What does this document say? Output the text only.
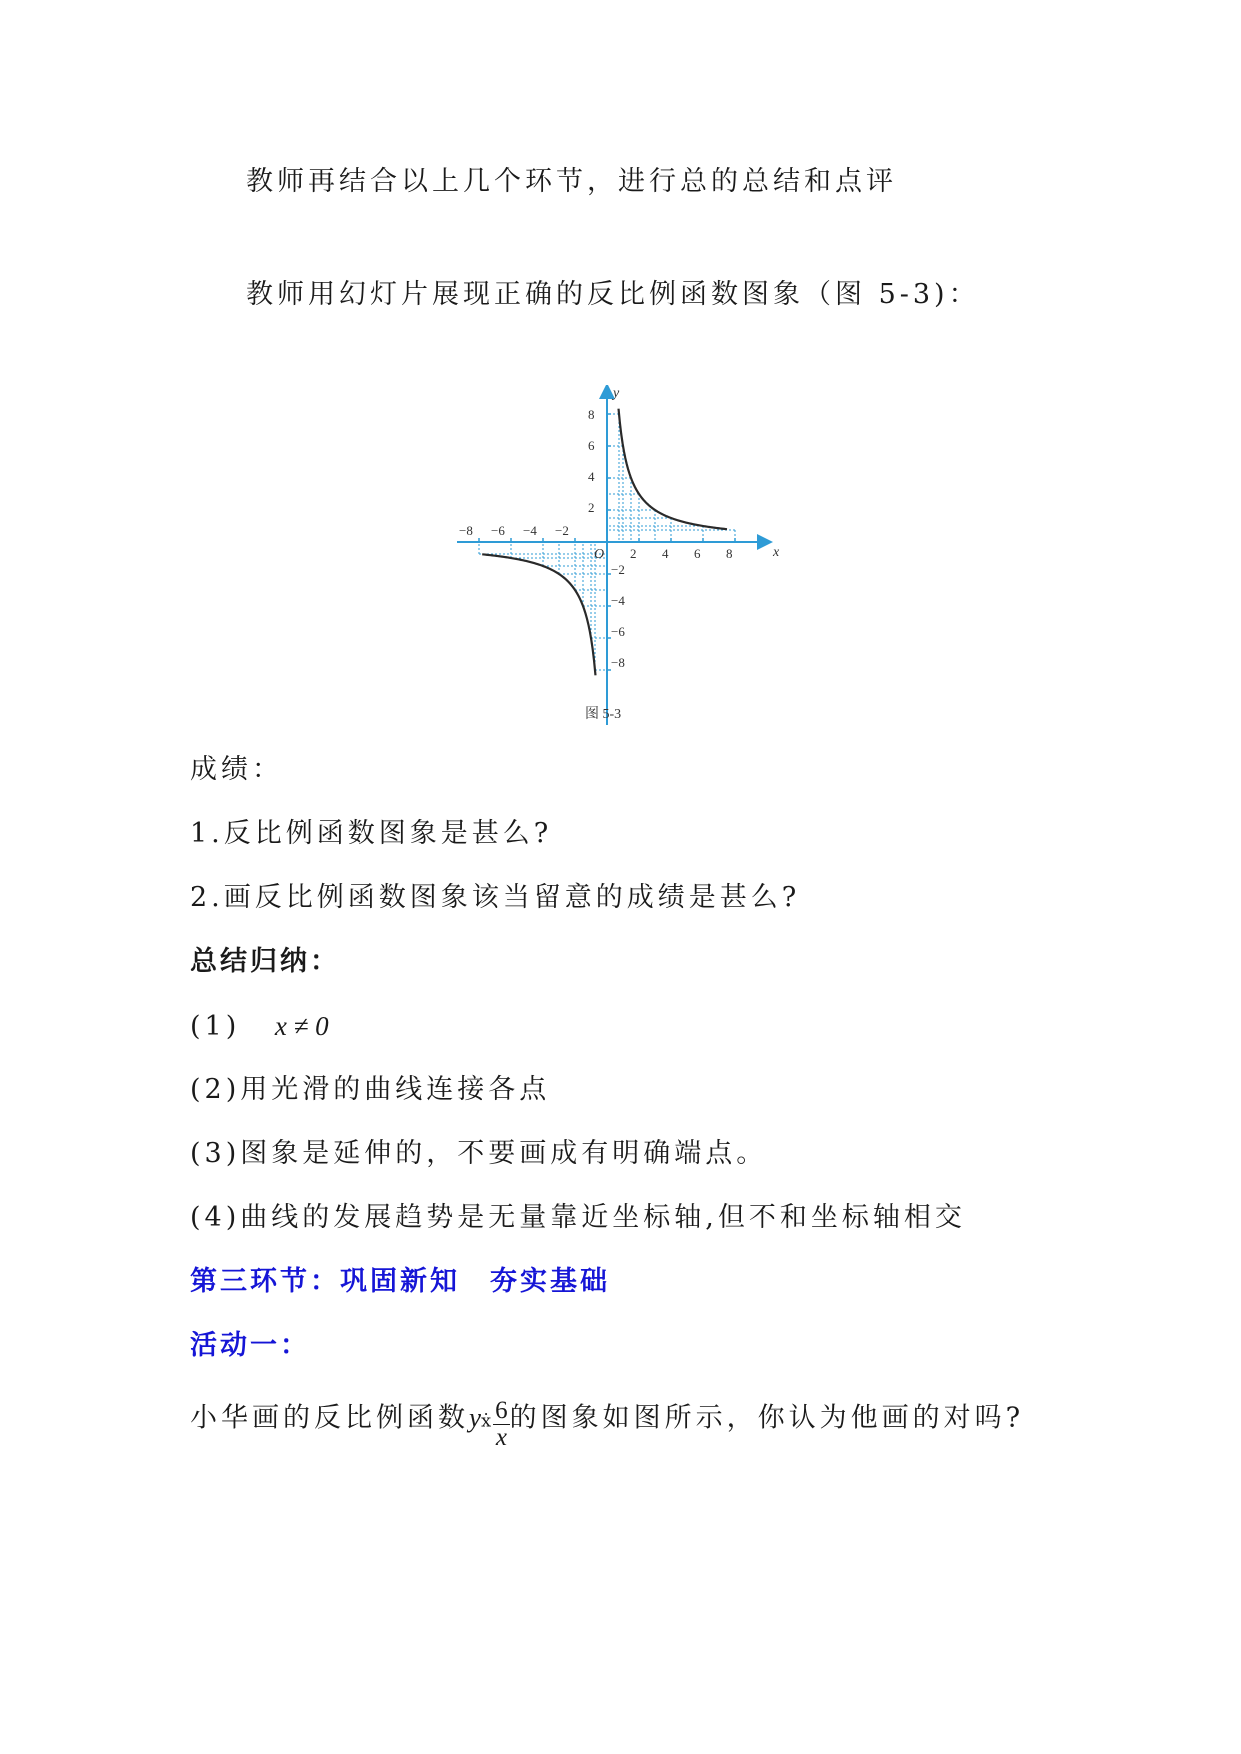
教师再结合以上几个环节，进行总的总结和点评
教师用幻灯片展现正确的反比例函数图象（图 5-3)：
y
x
O
−8 −6 −4 −2
2 4 6 8
8
6
4
2
−2
−4
−6
−8
图 5-3
成绩：
1.反比例函数图象是甚么?
2.画反比例函数图象该当留意的成绩是甚么?
总结归纳：
(1) x ≠ 0
(2)用光滑的曲线连接各点
(3)图象是延伸的，不要画成有明确端点。
(4)曲线的发展趋势是无量靠近坐标轴,但不和坐标轴相交
第三环节：巩固新知　夯实基础
活动一：
小华画的反比例函数yẋ $\frac{6}{x}$ 的图象如图所示，你认为他画的对吗?
